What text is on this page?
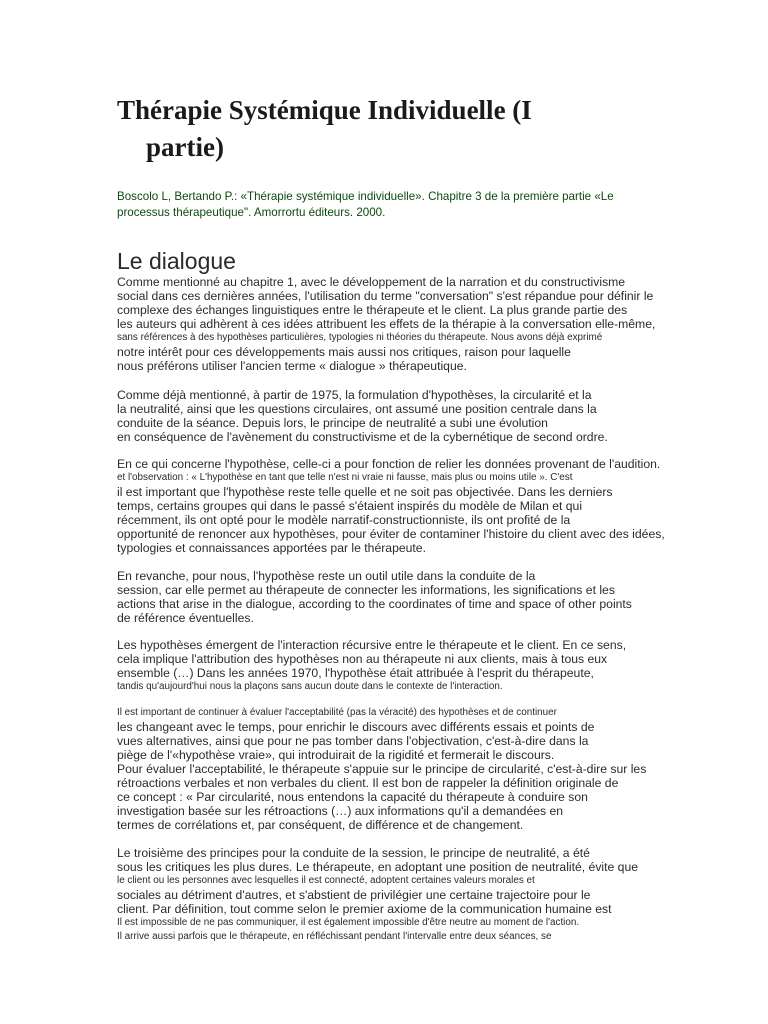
Thérapie Systémique Individuelle (I
partie)

Boscolo L, Bertando P.: «Thérapie systémique individuelle». Chapitre 3 de la première partie «Le
processus thérapeutique". Amorrortu éditeurs. 2000.

Le dialogue

Comme mentionné au chapitre 1, avec le développement de la narration et du constructivisme
social dans ces dernières années, l'utilisation du terme "conversation" s'est répandue pour définir le
complexe des échanges linguistiques entre le thérapeute et le client. La plus grande partie des
les auteurs qui adhèrent à ces idées attribuent les effets de la thérapie à la conversation elle-même,
sans références à des hypothèses particulières, typologies ni théories du thérapeute. Nous avons déjà exprimé
notre intérêt pour ces développements mais aussi nos critiques, raison pour laquelle
nous préférons utiliser l'ancien terme « dialogue » thérapeutique.

Comme déjà mentionné, à partir de 1975, la formulation d'hypothèses, la circularité et la
la neutralité, ainsi que les questions circulaires, ont assumé une position centrale dans la
conduite de la séance. Depuis lors, le principe de neutralité a subi une évolution
en conséquence de l'avènement du constructivisme et de la cybernétique de second ordre.

En ce qui concerne l'hypothèse, celle-ci a pour fonction de relier les données provenant de l'audition.
et l'observation : « L'hypothèse en tant que telle n'est ni vraie ni fausse, mais plus ou moins utile ». C'est
il est important que l'hypothèse reste telle quelle et ne soit pas objectivée. Dans les derniers
temps, certains groupes qui dans le passé s'étaient inspirés du modèle de Milan et qui
récemment, ils ont opté pour le modèle narratif-constructionniste, ils ont profité de la
opportunité de renoncer aux hypothèses, pour éviter de contaminer l'histoire du client avec des idées,
typologies et connaissances apportées par le thérapeute.

En revanche, pour nous, l'hypothèse reste un outil utile dans la conduite de la
session, car elle permet au thérapeute de connecter les informations, les significations et les
actions that arise in the dialogue, according to the coordinates of time and space of other points
de référence éventuelles.

Les hypothèses émergent de l'interaction récursive entre le thérapeute et le client. En ce sens,
cela implique l'attribution des hypothèses non au thérapeute ni aux clients, mais à tous eux
ensemble (…) Dans les années 1970, l'hypothèse était attribuée à l'esprit du thérapeute,
tandis qu'aujourd'hui nous la plaçons sans aucun doute dans le contexte de l'interaction.

Il est important de continuer à évaluer l'acceptabilité (pas la véracité) des hypothèses et de continuer
les changeant avec le temps, pour enrichir le discours avec différents essais et points de
vues alternatives, ainsi que pour ne pas tomber dans l'objectivation, c'est-à-dire dans la
piège de l'«hypothèse vraie», qui introduirait de la rigidité et fermerait le discours.
Pour évaluer l'acceptabilité, le thérapeute s'appuie sur le principe de circularité, c'est-à-dire sur les
rétroactions verbales et non verbales du client. Il est bon de rappeler la définition originale de
ce concept : « Par circularité, nous entendons la capacité du thérapeute à conduire son
investigation basée sur les rétroactions (…) aux informations qu'il a demandées en
termes de corrélations et, par conséquent, de différence et de changement.

Le troisième des principes pour la conduite de la session, le principe de neutralité, a été
sous les critiques les plus dures. Le thérapeute, en adoptant une position de neutralité, évite que
le client ou les personnes avec lesquelles il est connecté, adoptent certaines valeurs morales et
sociales au détriment d'autres, et s'abstient de privilégier une certaine trajectoire pour le
client. Par définition, tout comme selon le premier axiome de la communication humaine est
Il est impossible de ne pas communiquer, il est également impossible d'être neutre au moment de l'action.
Il arrive aussi parfois que le thérapeute, en réfléchissant pendant l'intervalle entre deux séances, se
